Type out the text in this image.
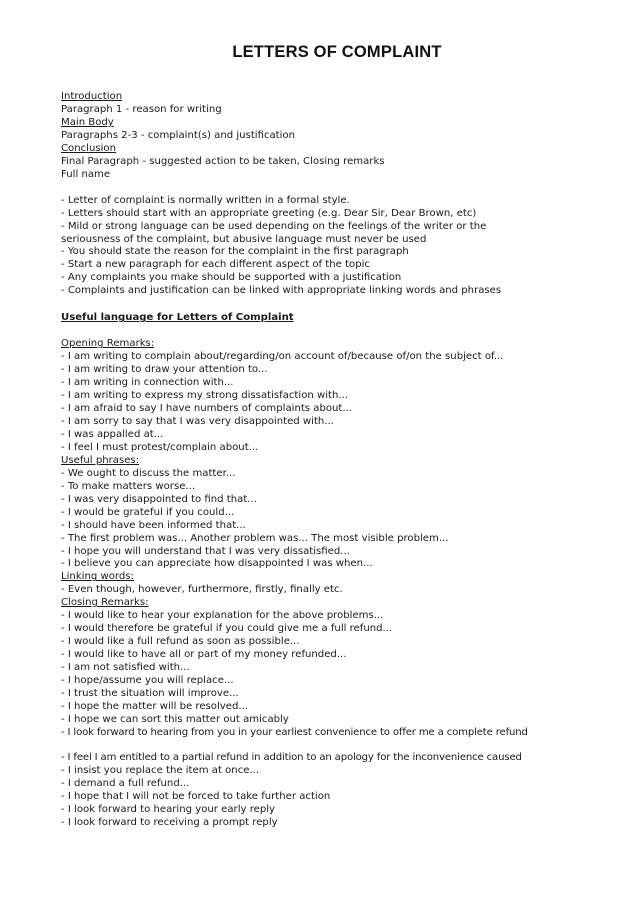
LETTERS OF COMPLAINT
Introduction
Paragraph 1 - reason for writing
Main Body
Paragraphs 2-3 - complaint(s) and justification
Conclusion
Final Paragraph - suggested action to be taken, Closing remarks
Full name
- Letter of complaint is normally written in a formal style.
- Letters should start with an appropriate greeting (e.g. Dear Sir, Dear Brown, etc)
- Mild or strong language can be used depending on the feelings of the writer or the seriousness of the complaint, but abusive language must never be used
- You should state the reason for the complaint in the first paragraph
- Start a new paragraph for each different aspect of the topic
- Any complaints you make should be supported with a justification
- Complaints and justification can be linked with appropriate linking words and phrases
Useful language for Letters of Complaint
Opening Remarks:
- I am writing to complain about/regarding/on account of/because of/on the subject of...
- I am writing to draw your attention to...
- I am writing in connection with...
- I am writing to express my strong dissatisfaction with...
- I am afraid to say I have numbers of complaints about...
- I am sorry to say that I was very disappointed with...
- I was appalled at...
- I feel I must protest/complain about...
Useful phrases:
- We ought to discuss the matter...
- To make matters worse...
- I was very disappointed to find that...
- I would be grateful if you could...
- I should have been informed that...
- The first problem was... Another problem was... The most visible problem...
- I hope you will understand that I was very dissatisfied...
- I believe you can appreciate how disappointed I was when...
Linking words:
- Even though, however, furthermore, firstly, finally etc.
Closing Remarks:
- I would like to hear your explanation for the above problems...
- I would therefore be grateful if you could give me a full refund...
- I would like a full refund as soon as possible...
- I would like to have all or part of my money refunded...
- I am not satisfied with...
- I hope/assume you will replace...
- I trust the situation will improve...
- I hope the matter will be resolved...
- I hope we can sort this matter out amicably
- I look forward to hearing from you in your earliest convenience to offer me a complete refund
- I feel I am entitled to a partial refund in addition to an apology for the inconvenience caused
- I insist you replace the item at once...
- I demand a full refund...
- I hope that I will not be forced to take further action
- I look forward to hearing your early reply
- I look forward to receiving a prompt reply
